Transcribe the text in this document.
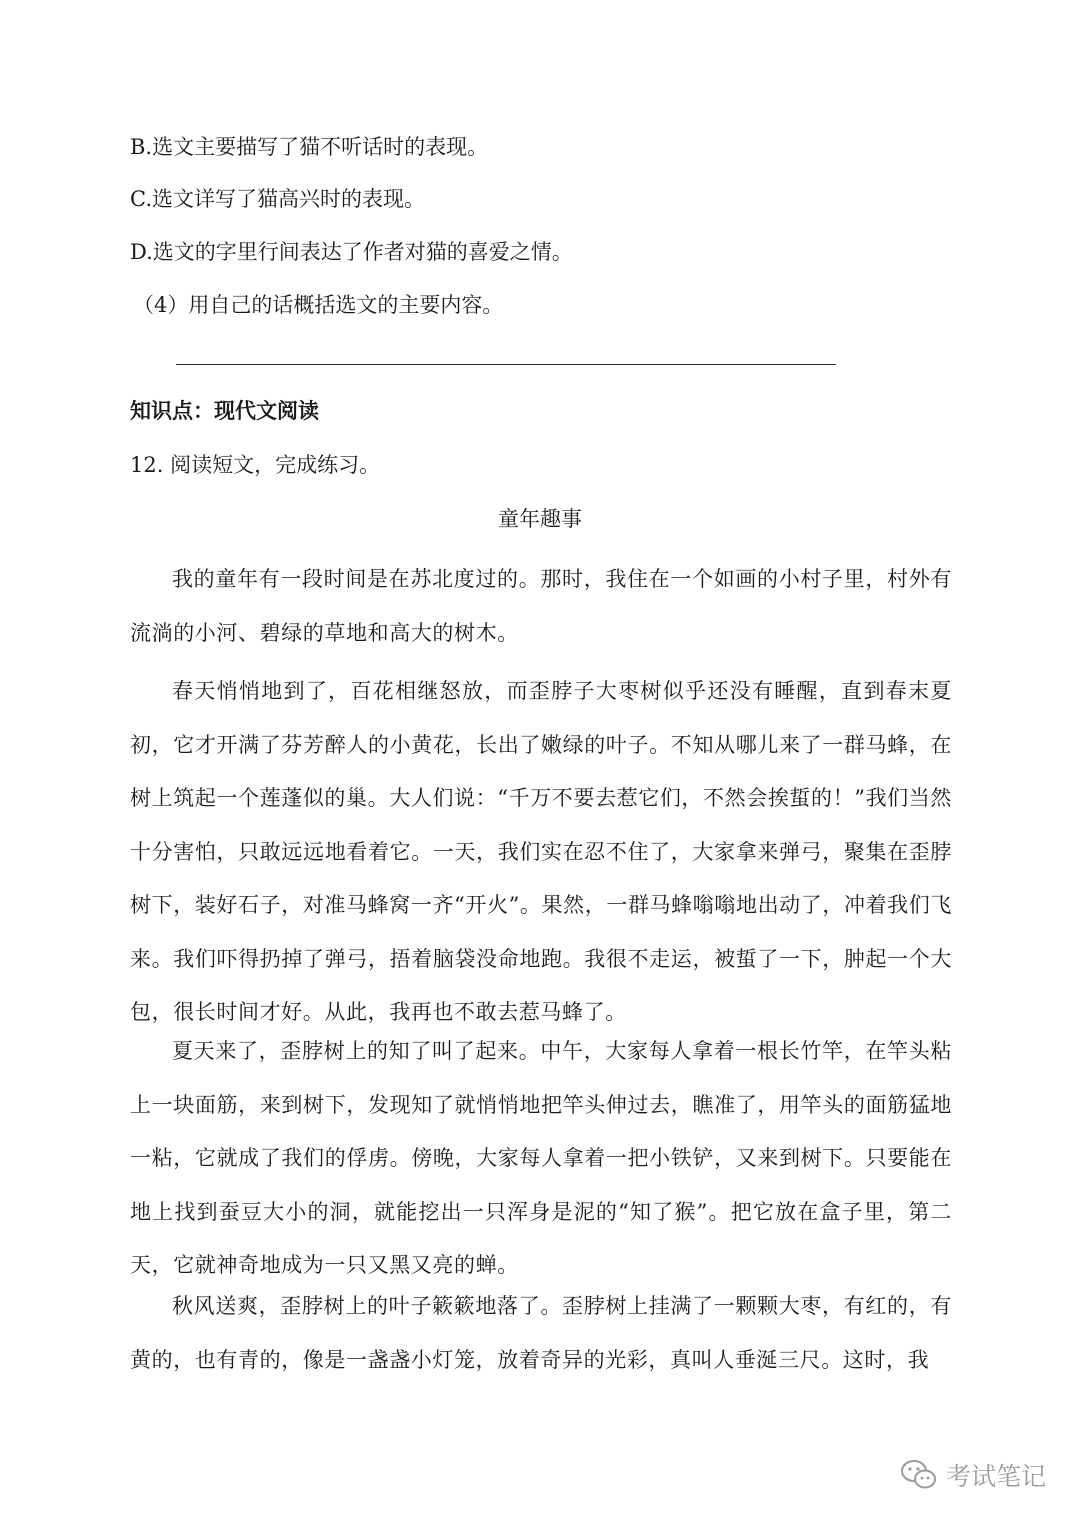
B.选文主要描写了猫不听话时的表现。
C.选文详写了猫高兴时的表现。
D.选文的字里行间表达了作者对猫的喜爱之情。
（4）用自己的话概括选文的主要内容。
知识点：现代文阅读
12. 阅读短文，完成练习。
童年趣事
我的童年有一段时间是在苏北度过的。那时，我住在一个如画的小村子里，村外有流淌的小河、碧绿的草地和高大的树木。
春天悄悄地到了，百花相继怒放，而歪脖子大枣树似乎还没有睡醒，直到春末夏初，它才开满了芬芳醉人的小黄花，长出了嫩绿的叶子。不知从哪儿来了一群马蜂，在树上筑起一个莲蓬似的巢。大人们说：“千万不要去惹它们，不然会挨蜇的！”我们当然十分害怕，只敢远远地看着它。一天，我们实在忍不住了，大家拿来弹弓，聚集在歪脖树下，装好石子，对准马蜂窝一齐“开火”。果然，一群马蜂嗡嗡地出动了，冲着我们飞来。我们吓得扔掉了弹弓，捂着脑袋没命地跑。我很不走运，被蜇了一下，肿起一个大包，很长时间才好。从此，我再也不敢去惹马蜂了。
夏天来了，歪脖树上的知了叫了起来。中午，大家每人拿着一根长竹竿，在竿头粘上一块面筋，来到树下，发现知了就悄悄地把竿头伸过去，瞧准了，用竿头的面筋猛地一粘，它就成了我们的俘虏。傍晚，大家每人拿着一把小铁铲，又来到树下。只要能在地上找到蚕豆大小的洞，就能挖出一只浑身是泥的“知了猴”。把它放在盒子里，第二天，它就神奇地成为一只又黑又亮的蝉。
秋风送爽，歪脖树上的叶子簌簌地落了。歪脖树上挂满了一颗颗大枣，有红的，有黄的，也有青的，像是一盏盏小灯笼，放着奇异的光彩，真叫人垂涎三尺。这时，我
考试笔记
